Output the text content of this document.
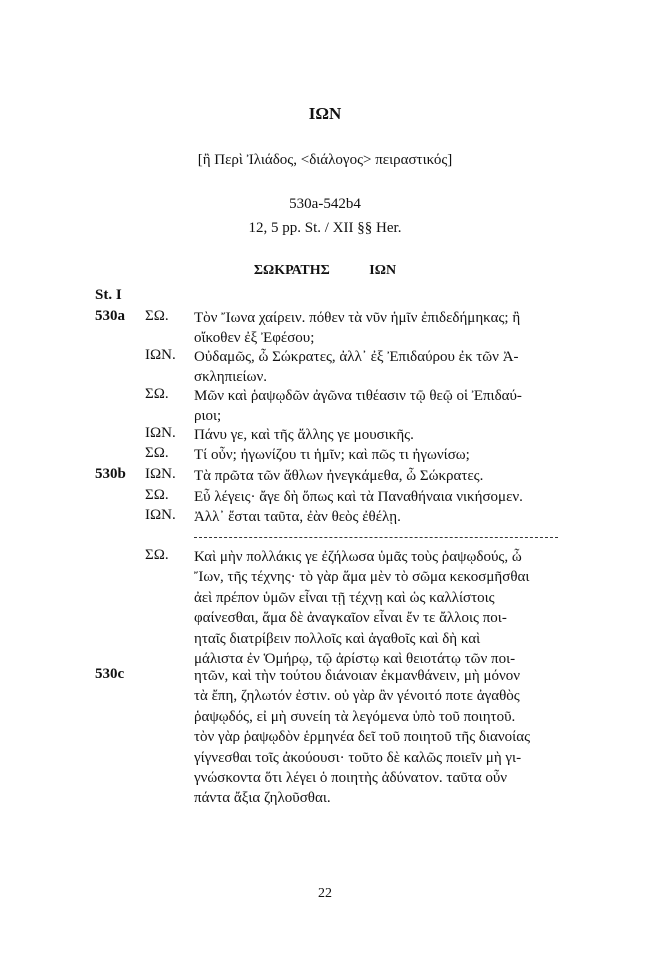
ΙΩΝ
[ἢ Περὶ Ἰλιάδος, <διάλογος> πειραστικός]
530a-542b4
12, 5 pp. St. / XII §§ Her.
ΣΩΚΡΑΤΗΣ	ΙΩΝ
St. I
530a
530b
530c
ΣΩ. Τὸν Ἴωνα χαίρειν. πόθεν τὰ νῦν ἡμῖν ἐπιδεδήμηκας; ἢ
οἴκοθεν ἐξ Ἐφέσου;
ΙΩΝ. Οὐδαμῶς, ὦ Σώκρατες, ἀλλ᾽ ἐξ Ἐπιδαύρου ἐκ τῶν Ἀ-
σκληπιείων.
ΣΩ. Μῶν καὶ ῥαψῳδῶν ἀγῶνα τιθέασιν τῷ θεῷ οἱ Ἐπιδαύ-
ριοι;
ΙΩΝ. Πάνυ γε, καὶ τῆς ἄλλης γε μουσικῆς.
ΣΩ. Τί οὖν; ἠγωνίζου τι ἡμῖν; καὶ πῶς τι ἠγωνίσω;
ΙΩΝ. Τὰ πρῶτα τῶν ἄθλων ἠνεγκάμεθα, ὦ Σώκρατες.
ΣΩ. Εὖ λέγεις· ἄγε δὴ ὅπως καὶ τὰ Παναθήναια νικήσομεν.
ΙΩΝ. Ἀλλ᾽ ἔσται ταῦτα, ἐὰν θεὸς ἐθέλῃ.
ΣΩ. Καὶ μὴν πολλάκις γε ἐζήλωσα ὑμᾶς τοὺς ῥαψῳδούς, ὦ
Ἴων, τῆς τέχνης· τὸ γὰρ ἅμα μὲν τὸ σῶμα κεκοσμῆσθαι
ἀεὶ πρέπον ὑμῶν εἶναι τῇ τέχνῃ καὶ ὡς καλλίστοις
φαίνεσθαι, ἅμα δὲ ἀναγκαῖον εἶναι ἔν τε ἄλλοις ποι-
ηταῖς διατρίβειν πολλοῖς καὶ ἀγαθοῖς καὶ δὴ καὶ
μάλιστα ἐν Ὁμήρῳ, τῷ ἀρίστῳ καὶ θειοτάτῳ τῶν ποι-
ητῶν, καὶ τὴν τούτου διάνοιαν ἐκμανθάνειν, μὴ μόνον
τὰ ἔπη, ζηλωτόν ἐστιν. οὐ γὰρ ἂν γένοιτό ποτε ἀγαθὸς
ῥαψῳδός, εἰ μὴ συνείη τὰ λεγόμενα ὑπὸ τοῦ ποιητοῦ.
τὸν γὰρ ῥαψῳδὸν ἑρμηνέα δεῖ τοῦ ποιητοῦ τῆς διανοίας
γίγνεσθαι τοῖς ἀκούουσι· τοῦτο δὲ καλῶς ποιεῖν μὴ γι-
γνώσκοντα ὅτι λέγει ὁ ποιητὴς ἀδύνατον. ταῦτα οὖν
πάντα ἄξια ζηλοῦσθαι.
22
